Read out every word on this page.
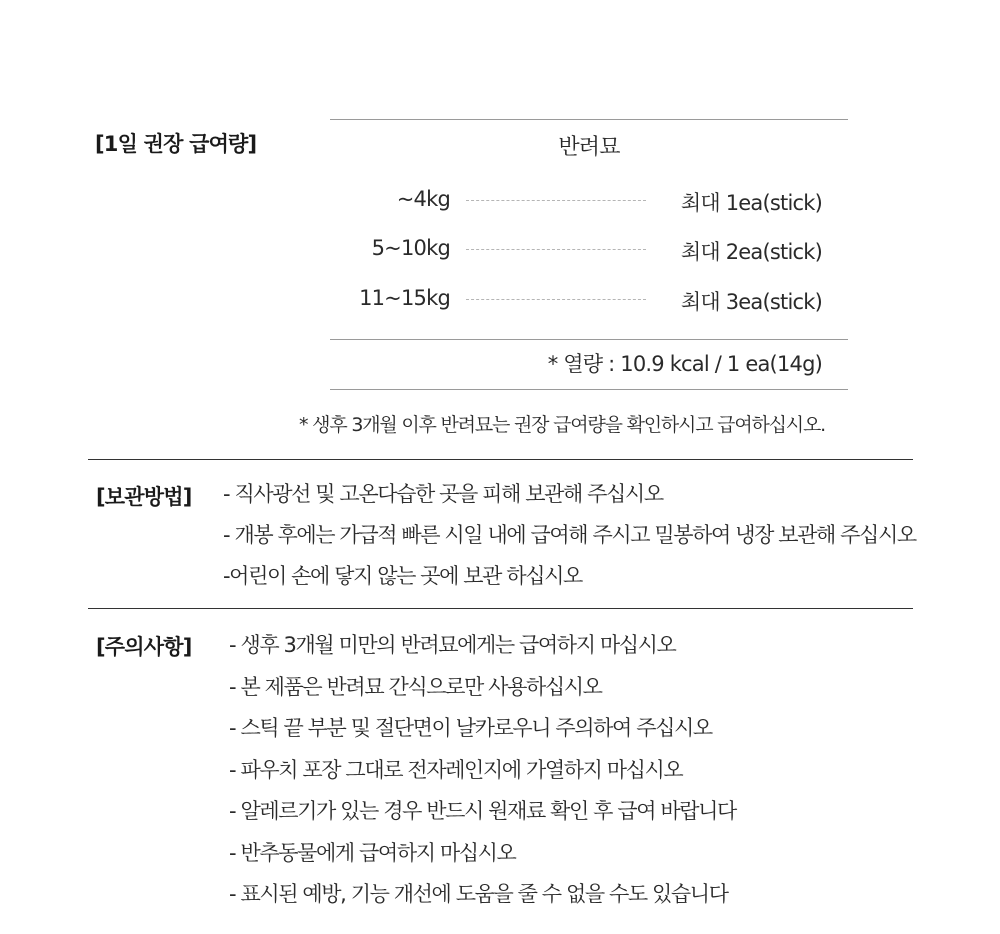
[1일 권장 급여량]	반려묘
~4kg	최대 1ea(stick)
5~10kg	최대 2ea(stick)
11~15kg	최대 3ea(stick)
* 열량 : 10.9 kcal / 1 ea(14g)
* 생후 3개월 이후 반려묘는 권장 급여량을 확인하시고 급여하십시오.
[보관방법] - 직사광선 및 고온다습한 곳을 피해 보관해 주십시오
- 개봉 후에는 가급적 빠른 시일 내에 급여해 주시고 밀봉하여 냉장 보관해 주십시오
-어린이 손에 닿지 않는 곳에 보관 하십시오
[주의사항] - 생후 3개월 미만의 반려묘에게는 급여하지 마십시오
- 본 제품은 반려묘 간식으로만 사용하십시오
- 스틱 끝 부분 및 절단면이 날카로우니 주의하여 주십시오
- 파우치 포장 그대로 전자레인지에 가열하지 마십시오
- 알레르기가 있는 경우 반드시 원재료 확인 후 급여 바랍니다
- 반추동물에게 급여하지 마십시오
- 표시된 예방, 기능 개선에 도움을 줄 수 없을 수도 있습니다
